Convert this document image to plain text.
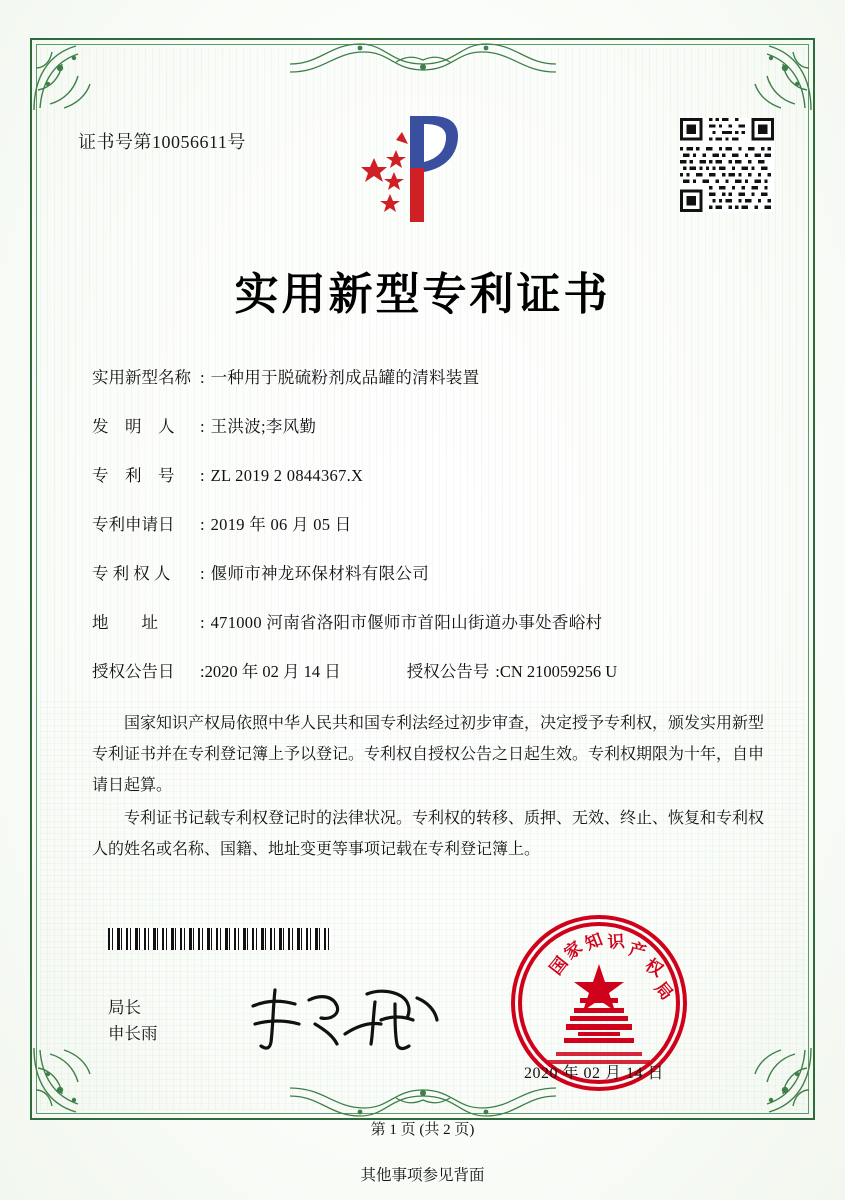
证书号第10056611号
实用新型专利证书
实用新型名称 : 一种用于脱硫粉剂成品罐的清料装置
发　明　人	: 王洪波;李风勤
专　利　号	: ZL 2019 2 0844367.X
专利申请日	: 2019 年 06 月 05 日
专 利 权 人	: 偃师市神龙环保材料有限公司
地　　址	: 471000 河南省洛阳市偃师市首阳山街道办事处香峪村
授权公告日	: 2020 年 02 月 14 日	授权公告号 : CN 210059256 U

国家知识产权局依照中华人民共和国专利法经过初步审查，决定授予专利权，颁发实用新型专利证书并在专利登记簿上予以登记。专利权自授权公告之日起生效。专利权期限为十年，自申请日起算。

专利证书记载专利权登记时的法律状况。专利权的转移、质押、无效、终止、恢复和专利权人的姓名或名称、国籍、地址变更等事项记载在专利登记簿上。

局长
申长雨
国
家
知 识 产
权
局
2020 年 02 月 14 日
第 1 页 (共 2 页)
其他事项参见背面
